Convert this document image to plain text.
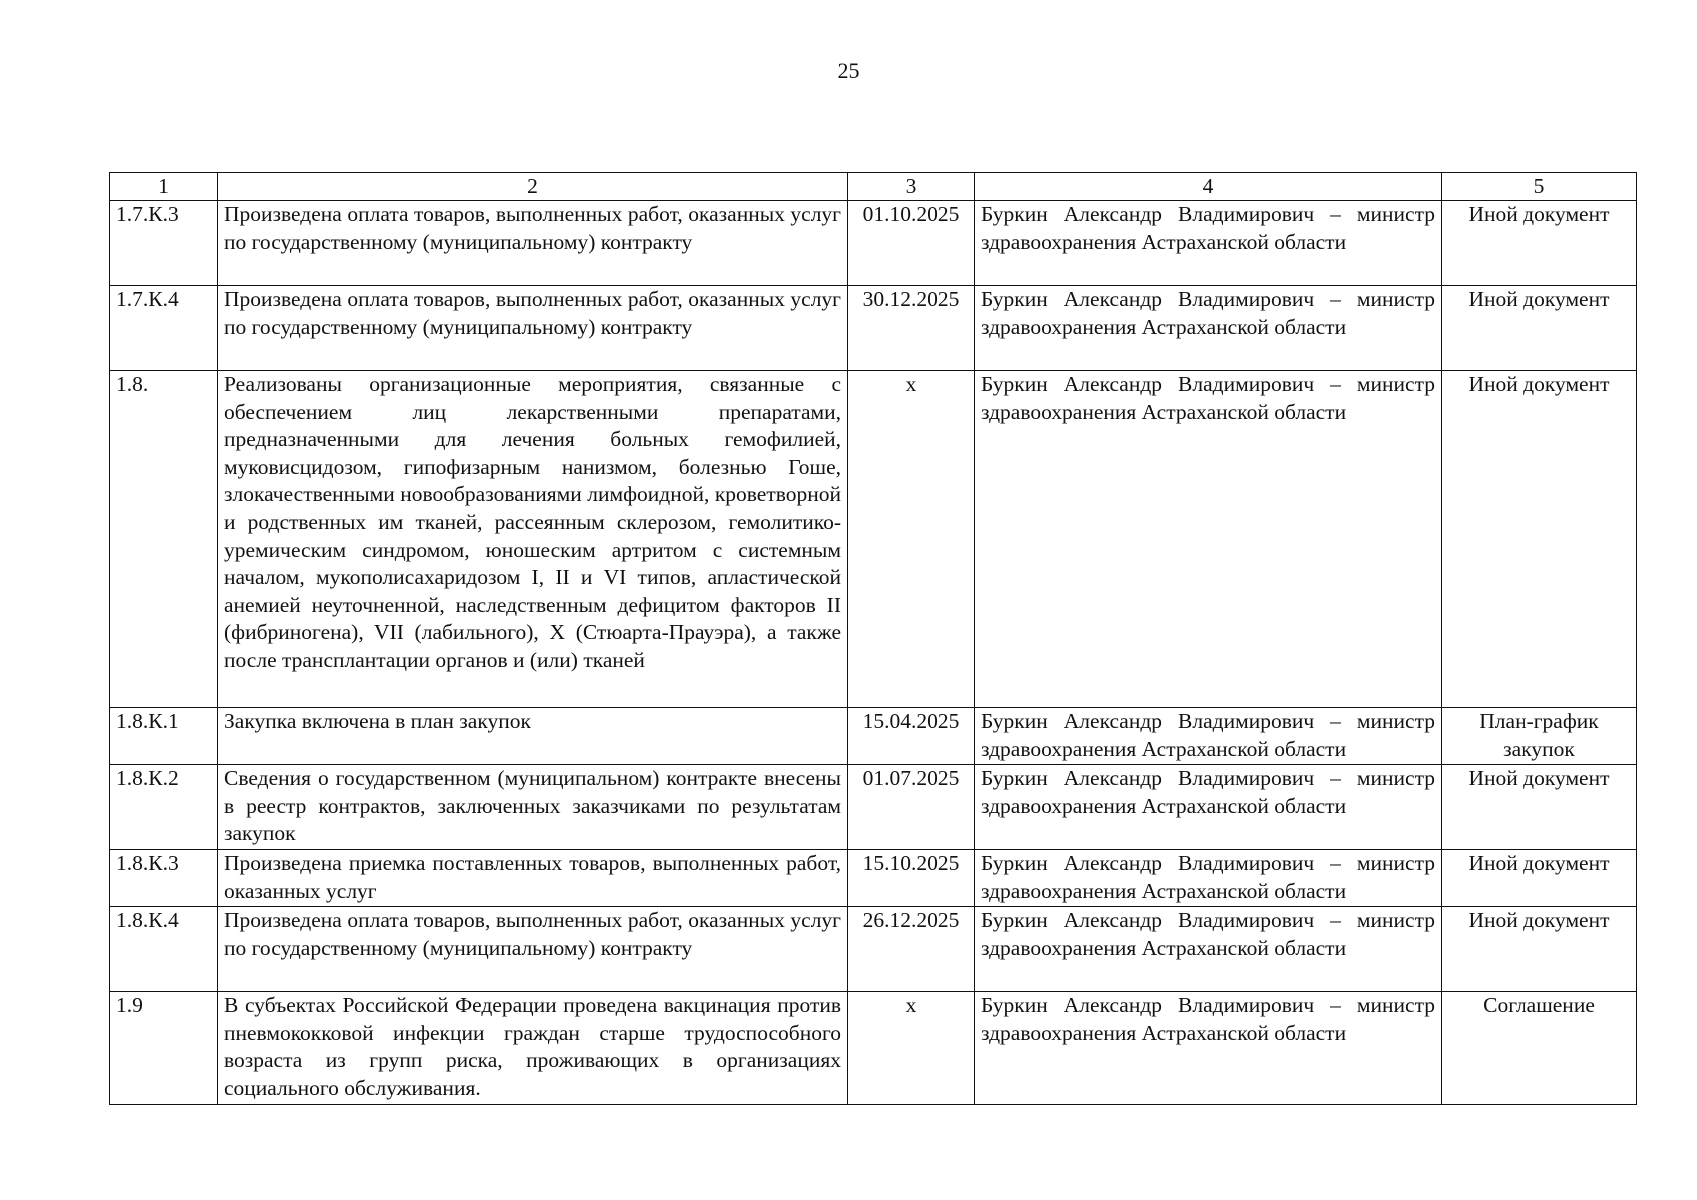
25
1	2	3	4	5
1.7.К.3	Произведена оплата товаров, выполненных работ, оказанных услуг по государственному (муниципальному) контракту	01.10.2025	Буркин Александр Владимирович – министр здравоохранения Астраханской области	Иной документ
1.7.К.4	Произведена оплата товаров, выполненных работ, оказанных услуг по государственному (муниципальному) контракту	30.12.2025	Буркин Александр Владимирович – министр здравоохранения Астраханской области	Иной документ
1.8.	Реализованы организационные мероприятия, связанные с обеспечением лиц лекарственными препаратами, предназначенными для лечения больных гемофилией, муковисцидозом, гипофизарным нанизмом, болезнью Гоше, злокачественными новообразованиями лимфоидной, кроветворной и родственных им тканей, рассеянным склерозом, гемолитико-уремическим синдромом, юношеским артритом с системным началом, мукополисахаридозом I, II и VI типов, апластической анемией неуточненной, наследственным дефицитом факторов II (фибриногена), VII (лабильного), X (Стюарта-Прауэра), а также после трансплантации органов и (или) тканей	х	Буркин Александр Владимирович – министр здравоохранения Астраханской области	Иной документ
1.8.К.1	Закупка включена в план закупок	15.04.2025	Буркин Александр Владимирович – министр здравоохранения Астраханской области	План-график закупок
1.8.К.2	Сведения о государственном (муниципальном) контракте внесены в реестр контрактов, заключенных заказчиками по результатам закупок	01.07.2025	Буркин Александр Владимирович – министр здравоохранения Астраханской области	Иной документ
1.8.К.3	Произведена приемка поставленных товаров, выполненных работ, оказанных услуг	15.10.2025	Буркин Александр Владимирович – министр здравоохранения Астраханской области	Иной документ
1.8.К.4	Произведена оплата товаров, выполненных работ, оказанных услуг по государственному (муниципальному) контракту	26.12.2025	Буркин Александр Владимирович – министр здравоохранения Астраханской области	Иной документ
1.9	В субъектах Российской Федерации проведена вакцинация против пневмококковой инфекции граждан старше трудоспособного возраста из групп риска, проживающих в организациях социального обслуживания.	х	Буркин Александр Владимирович – министр здравоохранения Астраханской области	Соглашение
